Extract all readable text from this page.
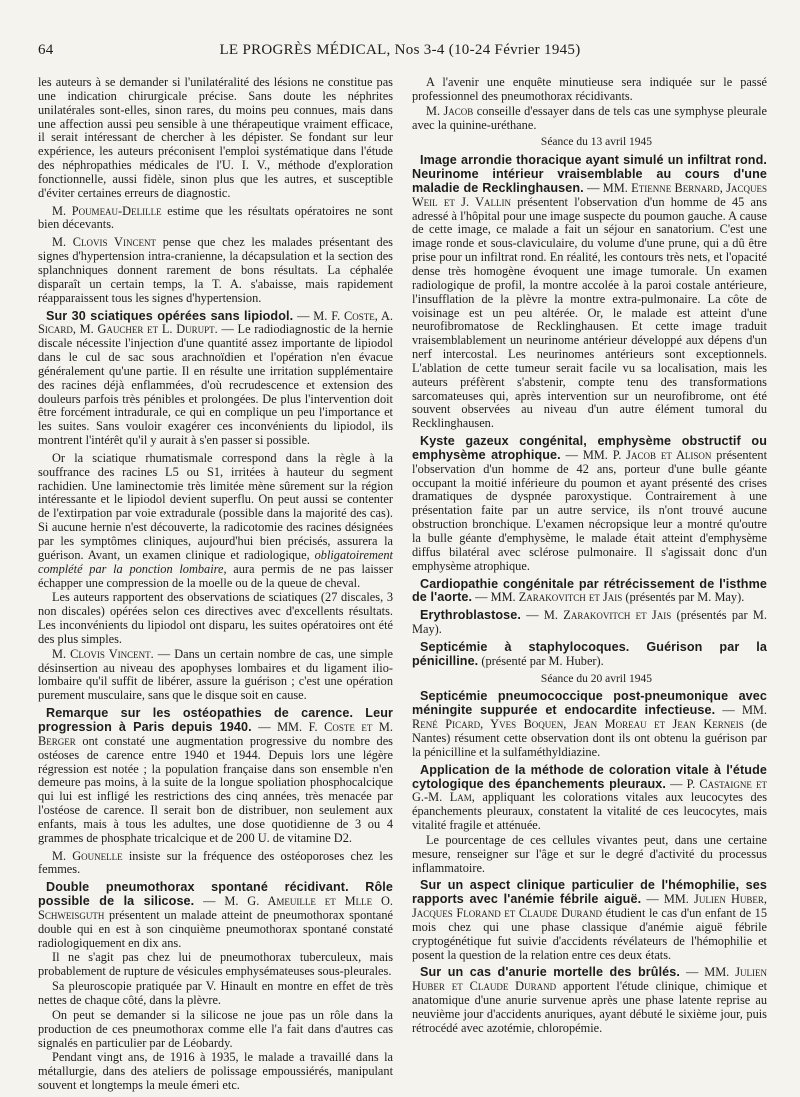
64	LE PROGRÈS MÉDICAL, Nos 3-4 (10-24 Février 1945)

les auteurs à se demander si l'unilatéralité des lésions ne constitue pas une indication chirurgicale précise. Sans doute les néphrites unilatérales sont-elles, sinon rares, du moins peu connues, mais dans une affection aussi peu sensible à une thérapeutique vraiment efficace, il serait intéressant de chercher à les dépister. Se fondant sur leur expérience, les auteurs préconisent l'emploi systématique dans l'étude des néphropathies médicales de l'U. I. V., méthode d'exploration fonctionnelle, aussi fidèle, sinon plus que les autres, et susceptible d'éviter certaines erreurs de diagnostic.

M. Poumeau-Delille estime que les résultats opératoires ne sont bien décevants.

M. Clovis Vincent pense que chez les malades présentant des signes d'hypertension intra-cranienne, la décapsulation et la section des splanchniques donnent rarement de bons résultats. La céphalée disparaît un certain temps, la T. A. s'abaisse, mais rapidement réapparaissent tous les signes d'hypertension.

Sur 30 sciatiques opérées sans lipiodol. — M. F. Coste, A. Sicard, M. Gaucher et L. Durupt. — Le radiodiagnostic de la hernie discale nécessite l'injection d'une quantité assez importante de lipiodol dans le cul de sac sous arachnoïdien et l'opération n'en évacue généralement qu'une partie. Il en résulte une irritation supplémentaire des racines déjà enflammées, d'où recrudescence et extension des douleurs parfois très pénibles et prolongées. De plus l'intervention doit être forcément intradurale, ce qui en complique un peu l'importance et les suites. Sans vouloir exagérer ces inconvénients du lipiodol, ils montrent l'intérêt qu'il y aurait à s'en passer si possible.

Or la sciatique rhumatismale correspond dans la règle à la souffrance des racines L5 ou S1, irritées à hauteur du segment rachidien. Une laminectomie très limitée mène sûrement sur la région intéressante et le lipiodol devient superflu. On peut aussi se contenter de l'extirpation par voie extradurale (possible dans la majorité des cas). Si aucune hernie n'est découverte, la radicotomie des racines désignées par les symptômes cliniques, aujourd'hui bien précisés, assurera la guérison. Avant, un examen clinique et radiologique, obligatoirement complété par la ponction lombaire, aura permis de ne pas laisser échapper une compression de la moelle ou de la queue de cheval.

Les auteurs rapportent des observations de sciatiques (27 discales, 3 non discales) opérées selon ces directives avec d'excellents résultats. Les inconvénients du lipiodol ont disparu, les suites opératoires ont été des plus simples.

M. Clovis Vincent. — Dans un certain nombre de cas, une simple désinsertion au niveau des apophyses lombaires et du ligament ilio-lombaire qu'il suffit de libérer, assure la guérison ; c'est une opération purement musculaire, sans que le disque soit en cause.

Remarque sur les ostéopathies de carence. Leur progression à Paris depuis 1940. — MM. F. Coste et M. Berger ont constaté une augmentation progressive du nombre des ostéoses de carence entre 1940 et 1944. Depuis lors une légère régression est notée ; la population française dans son ensemble n'en demeure pas moins, à la suite de la longue spoliation phosphocalcique qui lui est infligé les restrictions des cinq années, très menacée par l'ostéose de carence. Il serait bon de distribuer, non seulement aux enfants, mais à tous les adultes, une dose quotidienne de 3 ou 4 grammes de phosphate tricalcique et de 200 U. de vitamine D2.

M. Gounelle insiste sur la fréquence des ostéoporoses chez les femmes.

Double pneumothorax spontané récidivant. Rôle possible de la silicose. — M. G. Ameuille et Mlle O. Schweisguth présentent un malade atteint de pneumothorax spontané double qui en est à son cinquième pneumothorax spontané constaté radiologiquement en dix ans.

Il ne s'agit pas chez lui de pneumothorax tuberculeux, mais probablement de rupture de vésicules emphysémateuses sous-pleurales.

Sa pleuroscopie pratiquée par V. Hinault en montre en effet de très nettes de chaque côté, dans la plèvre.

On peut se demander si la silicose ne joue pas un rôle dans la production de ces pneumothorax comme elle l'a fait dans d'autres cas signalés en particulier par de Léobardy.

Pendant vingt ans, de 1916 à 1935, le malade a travaillé dans la métallurgie, dans des ateliers de polissage empoussiérés, manipulant souvent et longtemps la meule émeri etc.

A l'avenir une enquête minutieuse sera indiquée sur le passé professionnel des pneumothorax récidivants.

M. Jacob conseille d'essayer dans de tels cas une symphyse pleurale avec la quinine-uréthane.

Séance du 13 avril 1945

Image arrondie thoracique ayant simulé un infiltrat rond. Neurinome intérieur vraisemblable au cours d'une maladie de Recklinghausen. — MM. Etienne Bernard, Jacques Weil et J. Vallin présentent l'observation d'un homme de 45 ans adressé à l'hôpital pour une image suspecte du poumon gauche. A cause de cette image, ce malade a fait un séjour en sanatorium. C'est une image ronde et sous-claviculaire, du volume d'une prune, qui a dû être prise pour un infiltrat rond. En réalité, les contours très nets, et l'opacité dense très homogène évoquent une image tumorale. Un examen radiologique de profil, la montre accolée à la paroi costale antérieure, l'insufflation de la plèvre la montre extra-pulmonaire. La côte de voisinage est un peu altérée. Or, le malade est atteint d'une neurofibromatose de Recklinghausen. Et cette image traduit vraisemblablement un neurinome antérieur développé aux dépens d'un nerf intercostal. Les neurinomes antérieurs sont exceptionnels. L'ablation de cette tumeur serait facile vu sa localisation, mais les auteurs préfèrent s'abstenir, compte tenu des transformations sarcomateuses qui, après intervention sur un neurofibrome, ont été souvent observées au niveau d'un autre élément tumoral du Recklinghausen.

Kyste gazeux congénital, emphysème obstructif ou emphysème atrophique. — MM. P. Jacob et Alison présentent l'observation d'un homme de 42 ans, porteur d'une bulle géante occupant la moitié inférieure du poumon et ayant présenté des crises dramatiques de dyspnée paroxystique. Contrairement à une présentation faite par un autre service, ils n'ont trouvé aucune obstruction bronchique. L'examen nécropsique leur a montré qu'outre la bulle géante d'emphysème, le malade était atteint d'emphysème diffus bilatéral avec sclérose pulmonaire. Il s'agissait donc d'un emphysème atrophique.

Cardiopathie congénitale par rétrécissement de l'isthme de l'aorte. — MM. Zarakovitch et Jais (présentés par M. May).

Erythroblastose. — M. Zarakovitch et Jais (présentés par M. May).

Septicémie à staphylocoques. Guérison par la pénicilline. (présenté par M. Huber).

Séance du 20 avril 1945

Septicémie pneumococcique post-pneumonique avec méningite suppurée et endocardite infectieuse. — MM. René Picard, Yves Boquen, Jean Moreau et Jean Kerneis (de Nantes) résument cette observation dont ils ont obtenu la guérison par la pénicilline et la sulfaméthyldiazine.

Application de la méthode de coloration vitale à l'étude cytologique des épanchements pleuraux. — P. Castaigne et G.-M. Lam, appliquant les colorations vitales aux leucocytes des épanchements pleuraux, constatent la vitalité de ces leucocytes, mais vitalité fragile et atténuée.

Le pourcentage de ces cellules vivantes peut, dans une certaine mesure, renseigner sur l'âge et sur le degré d'activité du processus inflammatoire.

Sur un aspect clinique particulier de l'hémophilie, ses rapports avec l'anémie fébrile aiguë. — MM. Julien Huber, Jacques Florand et Claude Durand étudient le cas d'un enfant de 15 mois chez qui une phase classique d'anémie aiguë fébrile cryptogénétique fut suivie d'accidents révélateurs de l'hémophilie et posent la question de la relation entre ces deux états.

Sur un cas d'anurie mortelle des brûlés. — MM. Julien Huber et Claude Durand apportent l'étude clinique, chimique et anatomique d'une anurie survenue après une phase latente reprise au neuvième jour d'accidents anuriques, ayant débuté le sixième jour, puis rétrocédé avec azotémie, chloropémie.
